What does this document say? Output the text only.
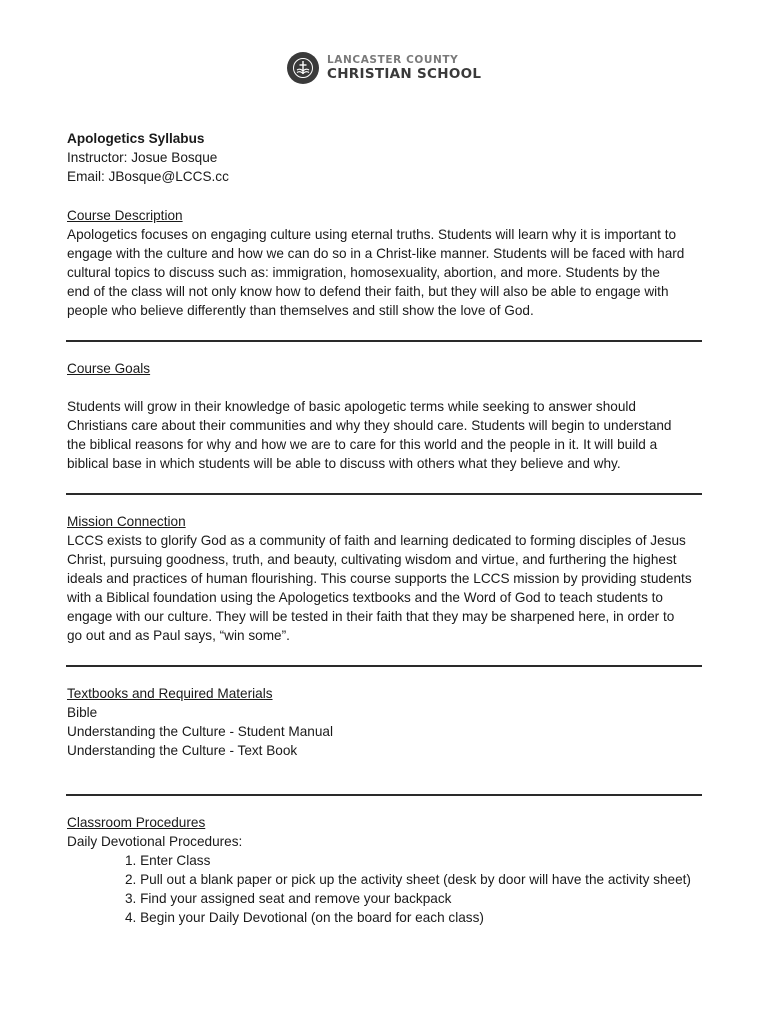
LANCASTER COUNTY
CHRISTIAN SCHOOL

Apologetics Syllabus

Instructor: Josue Bosque

Email: JBosque@LCCS.cc

Course Description

Apologetics focuses on engaging culture using eternal truths. Students will learn why it is important to

engage with the culture and how we can do so in a Christ-like manner. Students will be faced with hard

cultural topics to discuss such as: immigration, homosexuality, abortion, and more. Students by the

end of the class will not only know how to defend their faith, but they will also be able to engage with

people who believe differently than themselves and still show the love of God.

Course Goals

Students will grow in their knowledge of basic apologetic terms while seeking to answer should

Christians care about their communities and why they should care. Students will begin to understand

the biblical reasons for why and how we are to care for this world and the people in it. It will build a

biblical base in which students will be able to discuss with others what they believe and why.

Mission Connection

LCCS exists to glorify God as a community of faith and learning dedicated to forming disciples of Jesus

Christ, pursuing goodness, truth, and beauty, cultivating wisdom and virtue, and furthering the highest

ideals and practices of human flourishing. This course supports the LCCS mission by providing students

with a Biblical foundation using the Apologetics textbooks and the Word of God to teach students to

engage with our culture. They will be tested in their faith that they may be sharpened here, in order to

go out and as Paul says, “win some”.

Textbooks and Required Materials

Bible

Understanding the Culture - Student Manual

Understanding the Culture - Text Book

Classroom Procedures

Daily Devotional Procedures:

1. Enter Class
2. Pull out a blank paper or pick up the activity sheet (desk by door will have the activity sheet)
3. Find your assigned seat and remove your backpack
4. Begin your Daily Devotional (on the board for each class)
